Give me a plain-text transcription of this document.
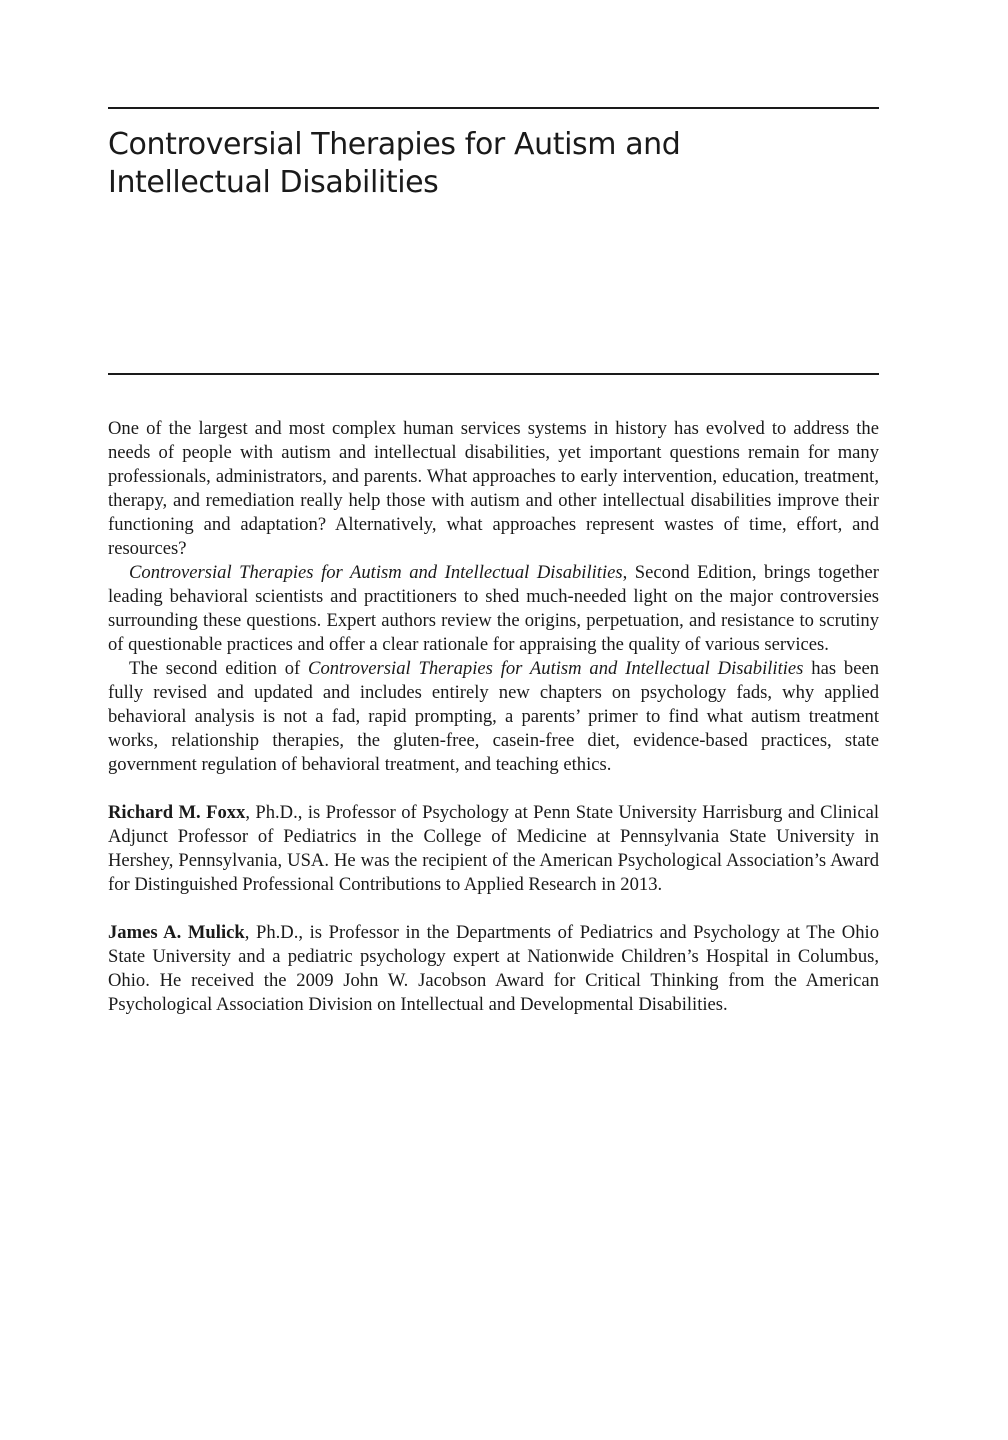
Controversial Therapies for Autism and
Intellectual Disabilities

One of the largest and most complex human services systems in history has evolved to address the needs of people with autism and intellectual disabilities, yet important questions remain for many professionals, administrators, and parents. What approaches to early intervention, education, treatment, therapy, and remediation really help those with autism and other intellectual disabilities improve their functioning and adaptation? Alternatively, what approaches represent wastes of time, effort, and resources?

Controversial Therapies for Autism and Intellectual Disabilities, Second Edition, brings together leading behavioral scientists and practitioners to shed much-needed light on the major controversies surrounding these questions. Expert authors review the origins, perpetuation, and resistance to scrutiny of questionable practices and offer a clear rationale for appraising the quality of various services.

The second edition of Controversial Therapies for Autism and Intellectual Disabilities has been fully revised and updated and includes entirely new chapters on psychology fads, why applied behavioral analysis is not a fad, rapid prompting, a parents’ primer to find what autism treatment works, relationship therapies, the gluten-free, casein-free diet, evidence-based practices, state government regulation of behavioral treatment, and teaching ethics.

Richard M. Foxx, Ph.D., is Professor of Psychology at Penn State University Harrisburg and Clinical Adjunct Professor of Pediatrics in the College of Medicine at Pennsylvania State University in Hershey, Pennsylvania, USA. He was the recipient of the American Psychological Association’s Award for Distinguished Professional Contributions to Applied Research in 2013.

James A. Mulick, Ph.D., is Professor in the Departments of Pediatrics and Psychology at The Ohio State University and a pediatric psychology expert at Nationwide Children’s Hospital in Columbus, Ohio. He received the 2009 John W. Jacobson Award for Critical Thinking from the American Psychological Association Division on Intellectual and Developmental Disabilities.
